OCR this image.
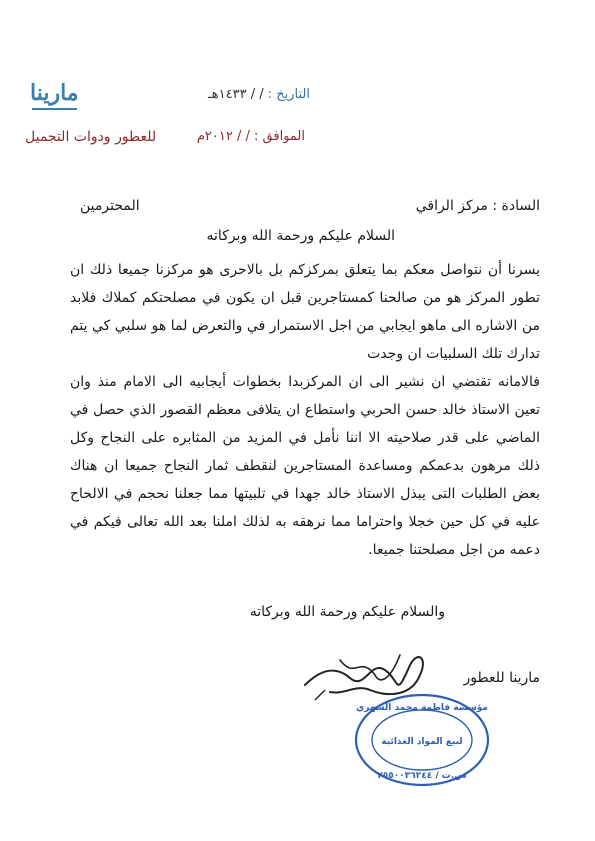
مارينا
للعطور ودوات التجميل
التاريخ : / / ١٤٣٣هـ
الموافق : / / ٢٠١٢م
السادة : مركز الراقي
المحترمين
السلام عليكم ورحمة الله وبركاته
يسرنا أن نتواصل معكم بما يتعلق بمركزكم بل بالاحرى هو مركزنا جميعا ذلك ان تطور المركز هو من صالحنا كمستاجرين قبل ان يكون في مصلحتكم كملاك فلابد من الاشاره الى ماهو ايجابي من اجل الاستمرار في والتعرض لما هو سلبي كي يتم تدارك تلك السلبيات ان وجدت
فالامانه تقتضي ان نشير الى ان المركزبدا بخطوات أيجابيه الى الامام منذ وان تعين الاستاذ خالد حسن الحربي واستطاع ان يتلافى معظم القصور الذي حصل في الماضي على قدر صلاحيته الا اننا نأمل في المزيد من المثابره على النجاح وكل ذلك مرهون بدعمكم ومساعدة المستاجرين لنقطف ثمار النجاح جميعا ان هناك بعض الطلبات التى يبذل الاستاذ خالد جهدا في تلبيتها مما جعلنا نحجم في الالحاح عليه في كل حين خجلا واحتراما مما نرهقه به لذلك املنا بعد الله تعالى فيكم في دعمه من اجل مصلحتنا جميعا.
والسلام عليكم ورحمة الله وبركاته
مارينا للعطور
مؤسسة فاطمة محمد الشهري
لبيع المواد الغذائية
س.ت / ٢٥٥٠٠٣٦٢٤٤
